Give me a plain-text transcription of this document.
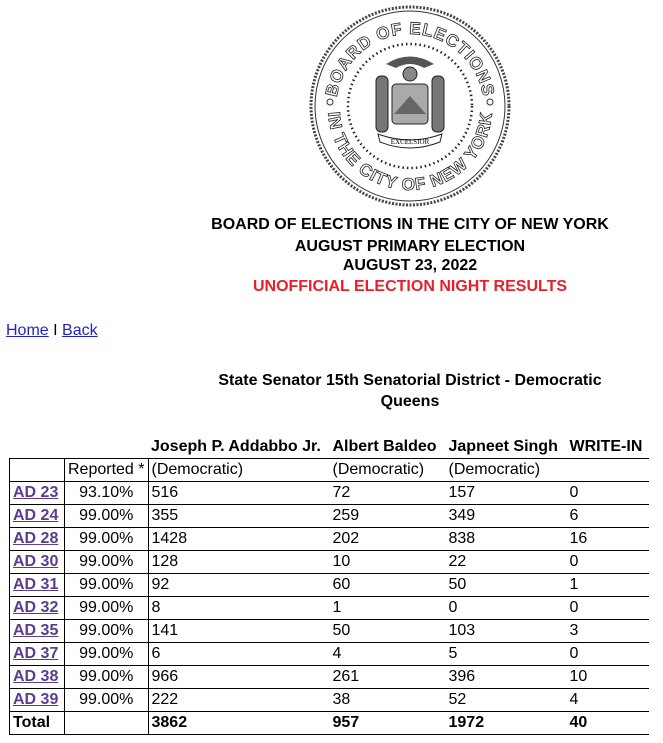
BOARD OF ELECTIONS
IN THE CITY OF NEW YORK
EXCELSIOR
BOARD OF ELECTIONS IN THE CITY OF NEW YORK
AUGUST PRIMARY ELECTION
AUGUST 23, 2022
UNOFFICIAL ELECTION NIGHT RESULTS
Home I Back
State Senator 15th Senatorial District - Democratic
Queens
		Joseph P. Addabbo Jr.	Albert Baldeo	Japneet Singh	WRITE-IN
	Reported *	(Democratic)	(Democratic)	(Democratic)	
AD 23	93.10%	516	72	157	0
AD 24	99.00%	355	259	349	6
AD 28	99.00%	1428	202	838	16
AD 30	99.00%	128	10	22	0
AD 31	99.00%	92	60	50	1
AD 32	99.00%	8	1	0	0
AD 35	99.00%	141	50	103	3
AD 37	99.00%	6	4	5	0
AD 38	99.00%	966	261	396	10
AD 39	99.00%	222	38	52	4
Total		3862	957	1972	40
